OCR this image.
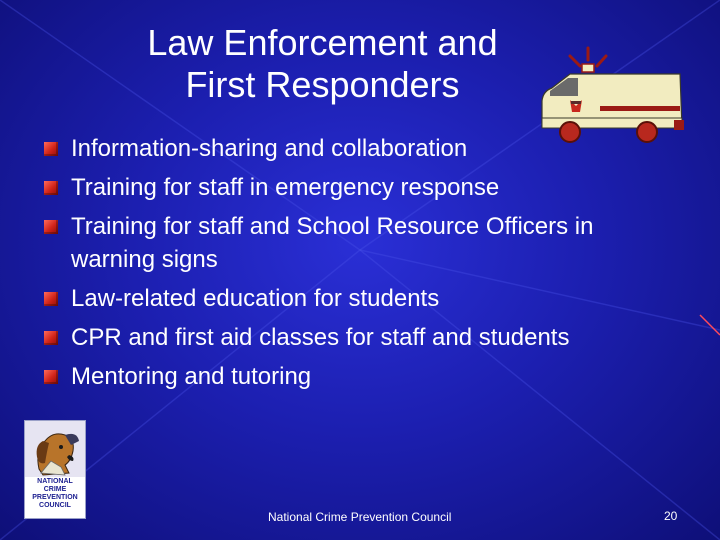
Law Enforcement and
First Responders
Information-sharing and collaboration
Training for staff in emergency response
Training for staff and School Resource Officers in warning signs
Law-related education for students
CPR and first aid classes for staff and students
Mentoring and tutoring
NATIONAL
CRIME
PREVENTION
COUNCIL
National Crime Prevention Council	20
